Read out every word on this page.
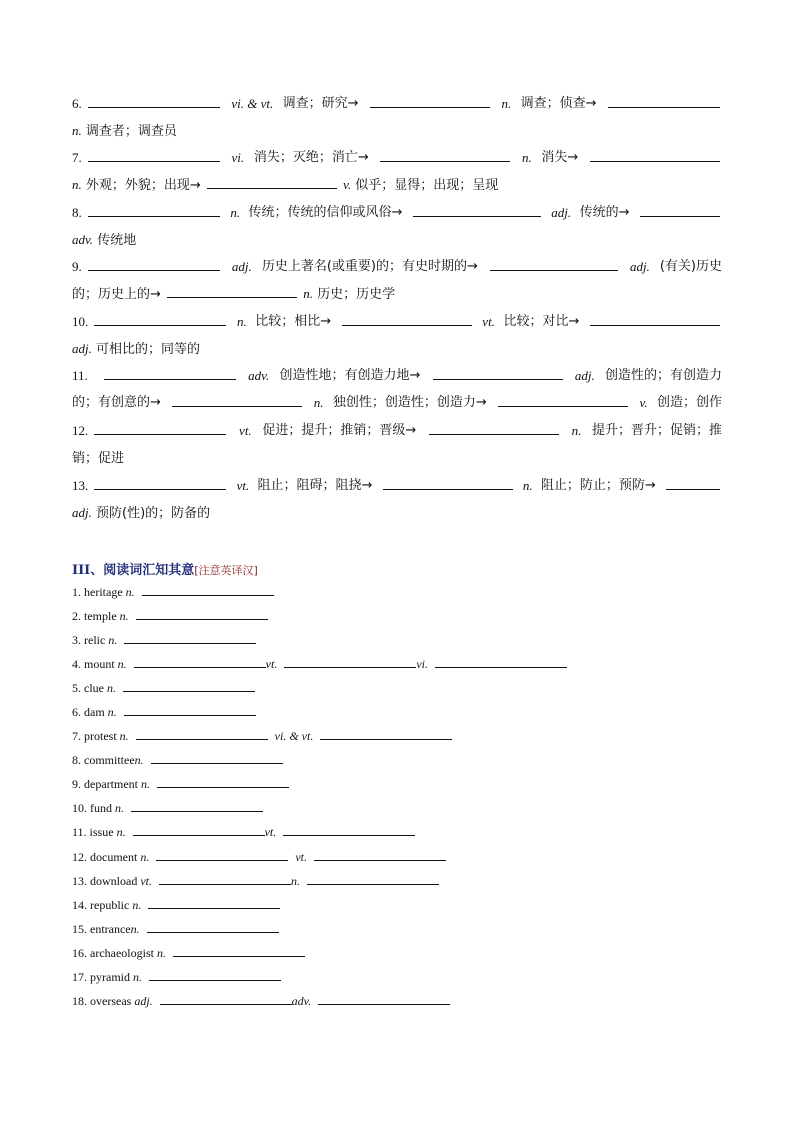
6.	vi. & vt. 调查；研究→	n. 调查；侦查→
n. 调查者；调查员
7.	vi. 消失；灭绝；消亡→	n. 消失→
n. 外观；外貌；出现→	v. 似乎；显得；出现；呈现
8.	n. 传统；传统的信仰或风俗→	adj. 传统的→
adv. 传统地
9.	adj. 历史上著名(或重要)的；有史时期的→	adj. (有关)历史
的；历史上的→	n. 历史；历史学
10.	n. 比较；相比→	vt. 比较；对比→
adj. 可相比的；同等的
11.	adv. 创造性地；有创造力地→	adj. 创造性的；有创造力
的；有创意的→	n. 独创性；创造性；创造力→	v. 创造；创作
12.	vt. 促进；提升；推销；晋级→	n. 提升；晋升；促销；推
销；促进
13.	vt. 阻止；阻碍；阻挠→	n. 阻止；防止；预防→
adj. 预防(性)的；防备的
III、阅读词汇知其意[注意英译汉]
1. heritage n.
2. temple n.
3. relic n.
4. mount n.	vt.	vi.
5. clue n.
6. dam n.
7. protest n.	vi. & vt.
8. committeen.
9. department n.
10. fund n.
11. issue n.	vt.
12. document n.	vt.
13. download vt.	n.
14. republic n.
15. entrancen.
16. archaeologist n.
17. pyramid n.
18. overseas adj.	adv.
